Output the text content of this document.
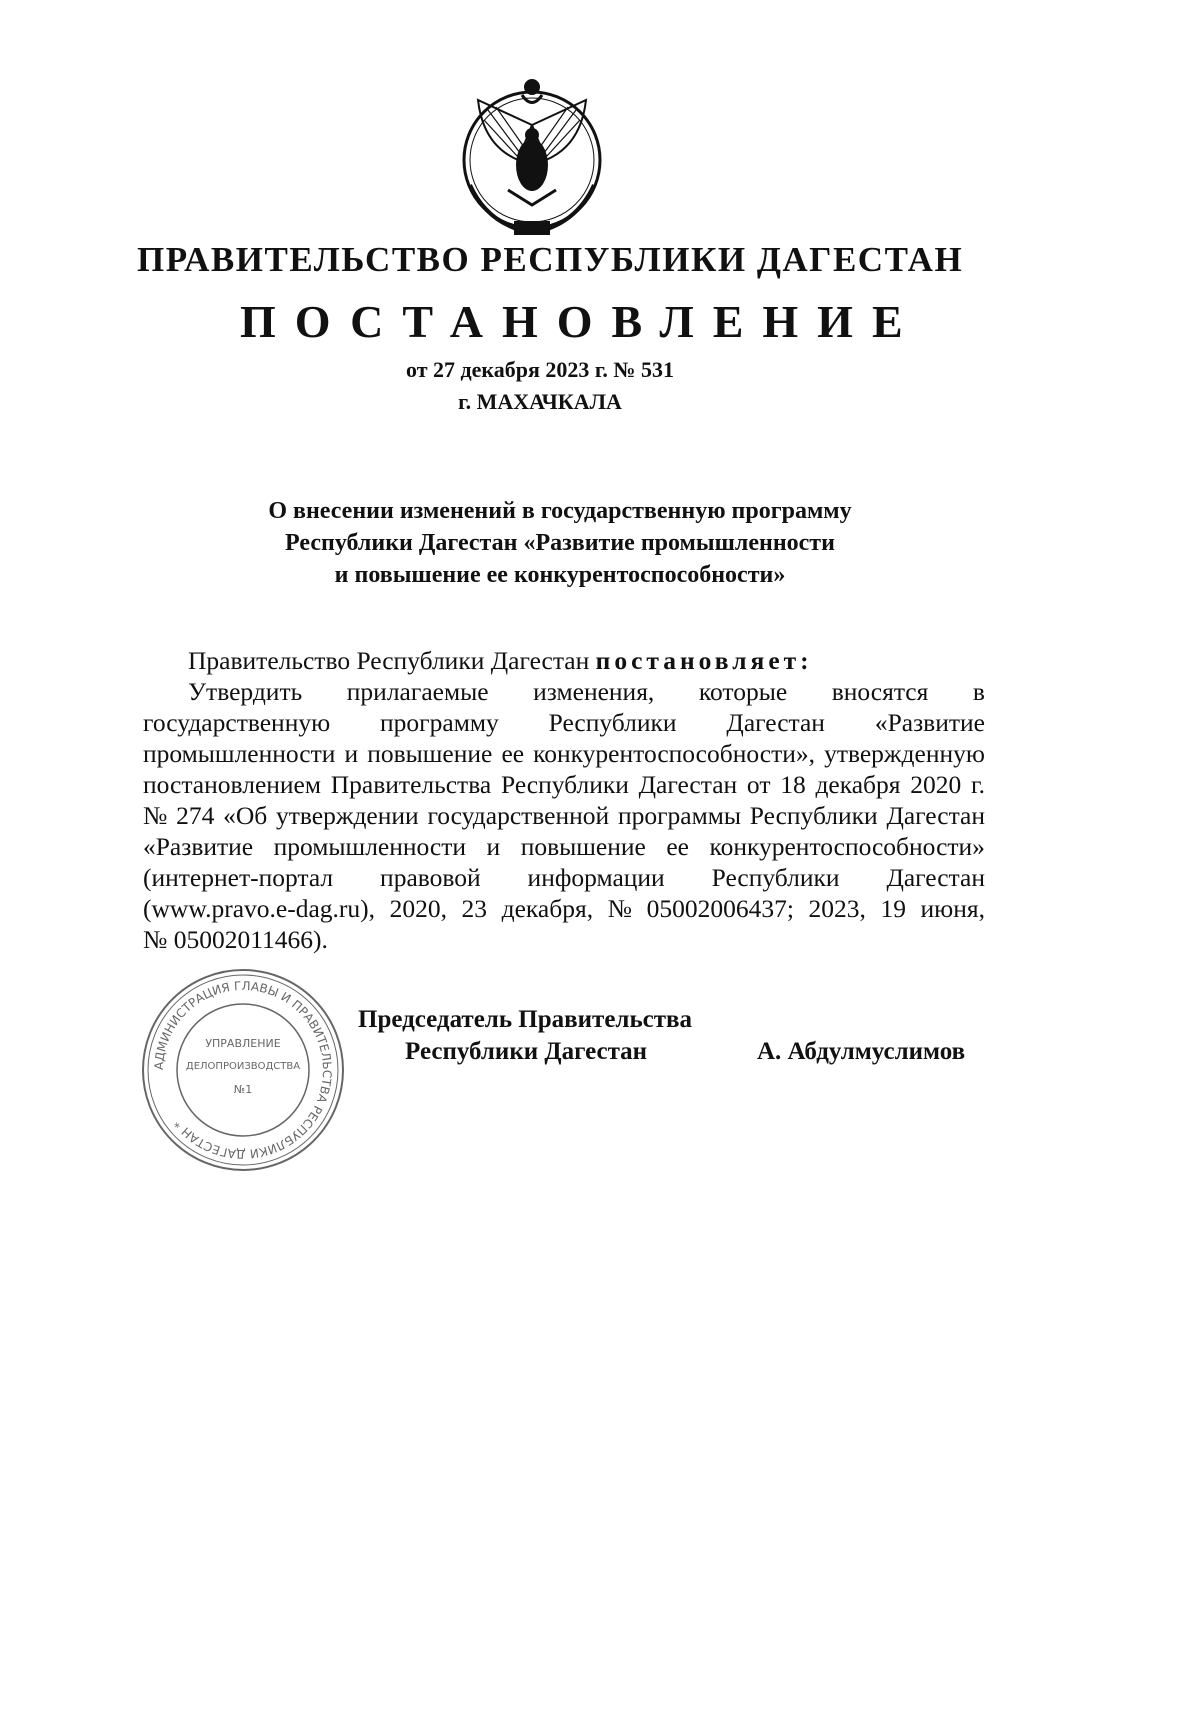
ПРАВИТЕЛЬСТВО РЕСПУБЛИКИ ДАГЕСТАН
ПОСТАНОВЛЕНИЕ
от 27 декабря 2023 г. № 531
г. МАХАЧКАЛА
О внесении изменений в государственную программу
Республики Дагестан «Развитие промышленности
и повышение ее конкурентоспособности»
Правительство Республики Дагестан постановляет:
Утвердить прилагаемые изменения, которые вносятся в
государственную программу Республики Дагестан «Развитие
промышленности и повышение ее конкурентоспособности», утвержденную
постановлением Правительства Республики Дагестан от 18 декабря 2020 г.
№ 274 «Об утверждении государственной программы Республики Дагестан
«Развитие промышленности и повышение ее конкурентоспособности»
(интернет-портал правовой информации Республики Дагестан
(www.pravo.e-dag.ru), 2020, 23 декабря, № 05002006437; 2023, 19 июня,
№ 05002011466).
АДМИНИСТРАЦИЯ ГЛАВЫ И ПРАВИТЕЛЬСТВА РЕСПУБЛИКИ ДАГЕСТАН *
УПРАВЛЕНИЕ
ДЕЛОПРОИЗВОДСТВА
№1
Председатель Правительства
Республики Дагестан	А. Абдулмуслимов
